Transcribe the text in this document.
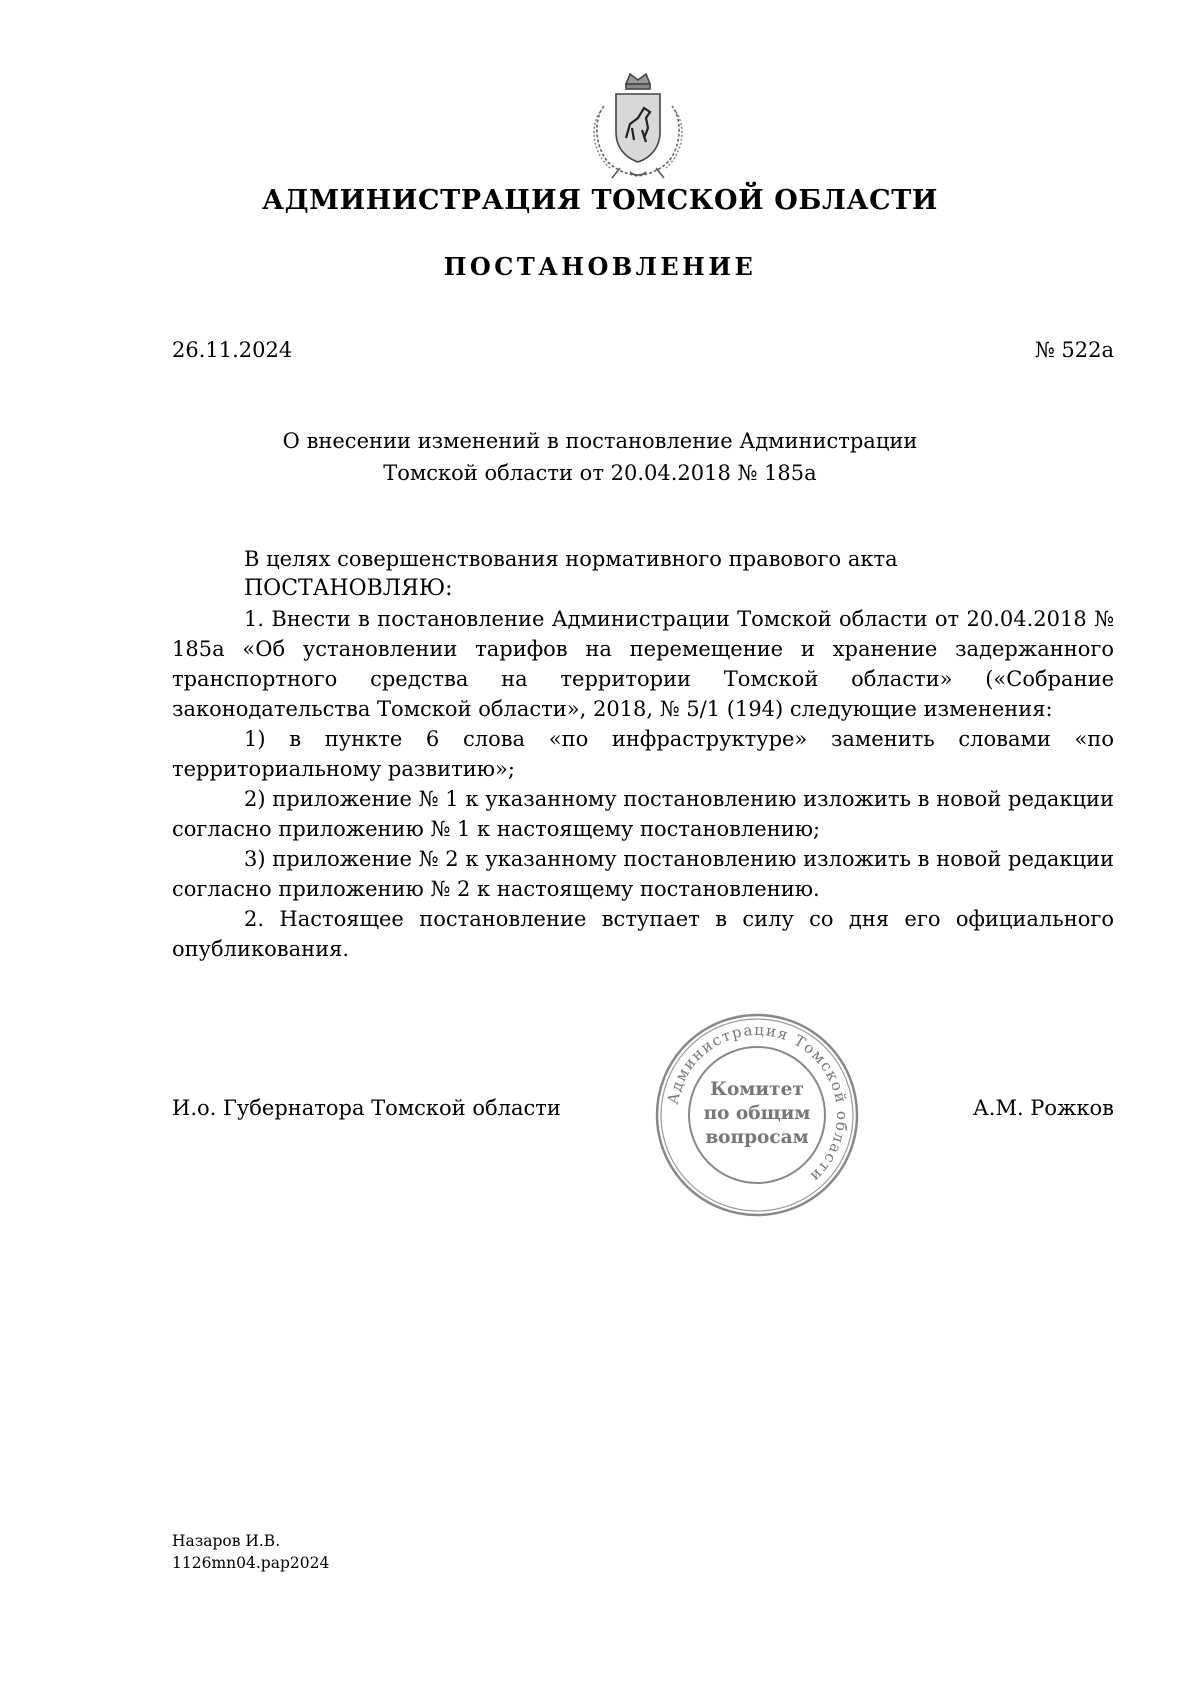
АДМИНИСТРАЦИЯ ТОМСКОЙ ОБЛАСТИ
ПОСТАНОВЛЕНИЕ
26.11.2024	№ 522а
О внесении изменений в постановление Администрации
Томской области от 20.04.2018 № 185а

В целях совершенствования нормативного правового акта

ПОСТАНОВЛЯЮ:

1. Внести в постановление Администрации Томской области от 20.04.2018 № 185а «Об установлении тарифов на перемещение и хранение задержанного транспортного средства на территории Томской области» («Собрание законодательства Томской области», 2018, № 5/1 (194) следующие изменения:

1) в пункте 6 слова «по инфраструктуре» заменить словами «по территориальному развитию»;

2) приложение № 1 к указанному постановлению изложить в новой редакции согласно приложению № 1 к настоящему постановлению;

3) приложение № 2 к указанному постановлению изложить в новой редакции согласно приложению № 2 к настоящему постановлению.

2. Настоящее постановление вступает в силу со дня его официального опубликования.

И.о. Губернатора Томской области	А.М. Рожков
Администрация Томской области
Комитет
по общим
вопросам
Назаров И.В.
1126mn04.pap2024
